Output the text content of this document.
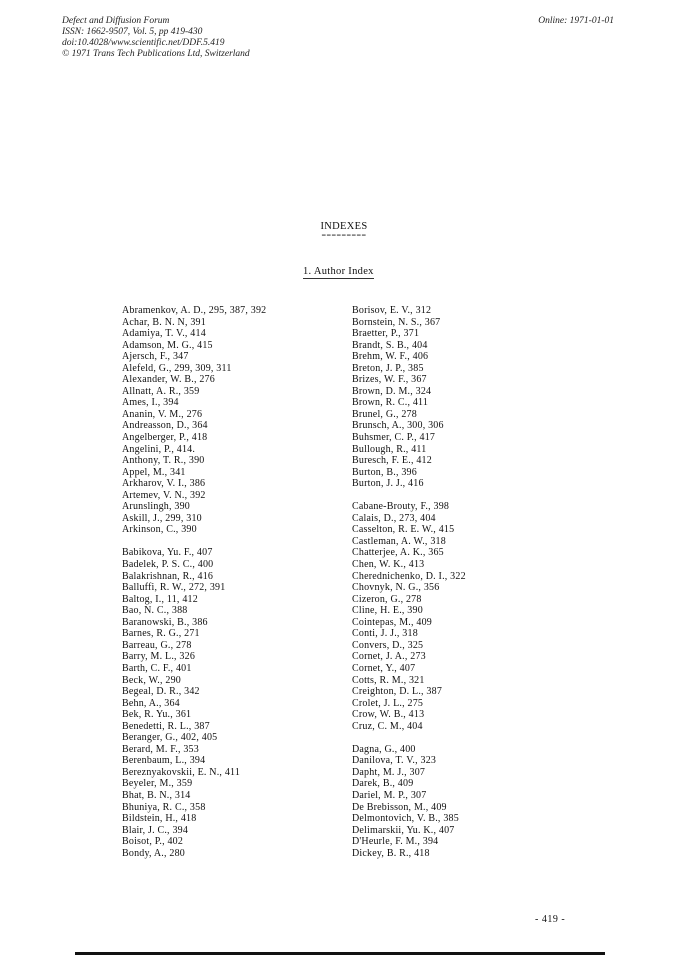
Defect and Diffusion Forum
ISSN: 1662-9507, Vol. 5, pp 419-430
doi:10.4028/www.scientific.net/DDF.5.419
© 1971 Trans Tech Publications Ltd, Switzerland
Online: 1971-01-01
INDEXES
=========
1. Author Index
Abramenkov, A. D., 295, 387, 392
Achar, B. N. N, 391
Adamiya, T. V., 414
Adamson, M. G., 415
Ajersch, F., 347
Alefeld, G., 299, 309, 311
Alexander, W. B., 276
Allnatt, A. R., 359
Ames, I., 394
Ananin, V. M., 276
Andreasson, D., 364
Angelberger, P., 418
Angelini, P., 414.
Anthony, T. R., 390
Appel, M., 341
Arkharov, V. I., 386
Artemev, V. N., 392
Arunslingh, 390
Askill, J., 299, 310
Arkinson, C., 390
Babikova, Yu. F., 407
Badelek, P. S. C., 400
Balakrishnan, R., 416
Balluffi, R. W., 272, 391
Baltog, I., 11, 412
Bao, N. C., 388
Baranowski, B., 386
Barnes, R. G., 271
Barreau, G., 278
Barry, M. L., 326
Barth, C. F., 401
Beck, W., 290
Begeal, D. R., 342
Behn, A., 364
Bek, R. Yu., 361
Benedetti, R. L., 387
Beranger, G., 402, 405
Berard, M. F., 353
Berenbaum, L., 394
Bereznyakovskii, E. N., 411
Beyeler, M., 359
Bhat, B. N., 314
Bhuniya, R. C., 358
Bildstein, H., 418
Blair, J. C., 394
Boisot, P., 402
Bondy, A., 280
Borisov, E. V., 312
Bornstein, N. S., 367
Braetter, P., 371
Brandt, S. B., 404
Brehm, W. F., 406
Breton, J. P., 385
Brizes, W. F., 367
Brown, D. M., 324
Brown, R. C., 411
Brunel, G., 278
Brunsch, A., 300, 306
Buhsmer, C. P., 417
Bullough, R., 411
Buresch, F. E., 412
Burton, B., 396
Burton, J. J., 416
Cabane-Brouty, F., 398
Calais, D., 273, 404
Casselton, R. E. W., 415
Castleman, A. W., 318
Chatterjee, A. K., 365
Chen, W. K., 413
Cherednichenko, D. I., 322
Chovnyk, N. G., 356
Cizeron, G., 278
Cline, H. E., 390
Cointepas, M., 409
Conti, J. J., 318
Convers, D., 325
Cornet, J. A., 273
Cornet, Y., 407
Cotts, R. M., 321
Creighton, D. L., 387
Crolet, J. L., 275
Crow, W. B., 413
Cruz, C. M., 404
Dagna, G., 400
Danilova, T. V., 323
Dapht, M. J., 307
Darek, B., 409
Dariel, M. P., 307
De Brebisson, M., 409
Delmontovich, V. B., 385
Delimarskii, Yu. K., 407
D'Heurle, F. M., 394
Dickey, B. R., 418
- 419 -
